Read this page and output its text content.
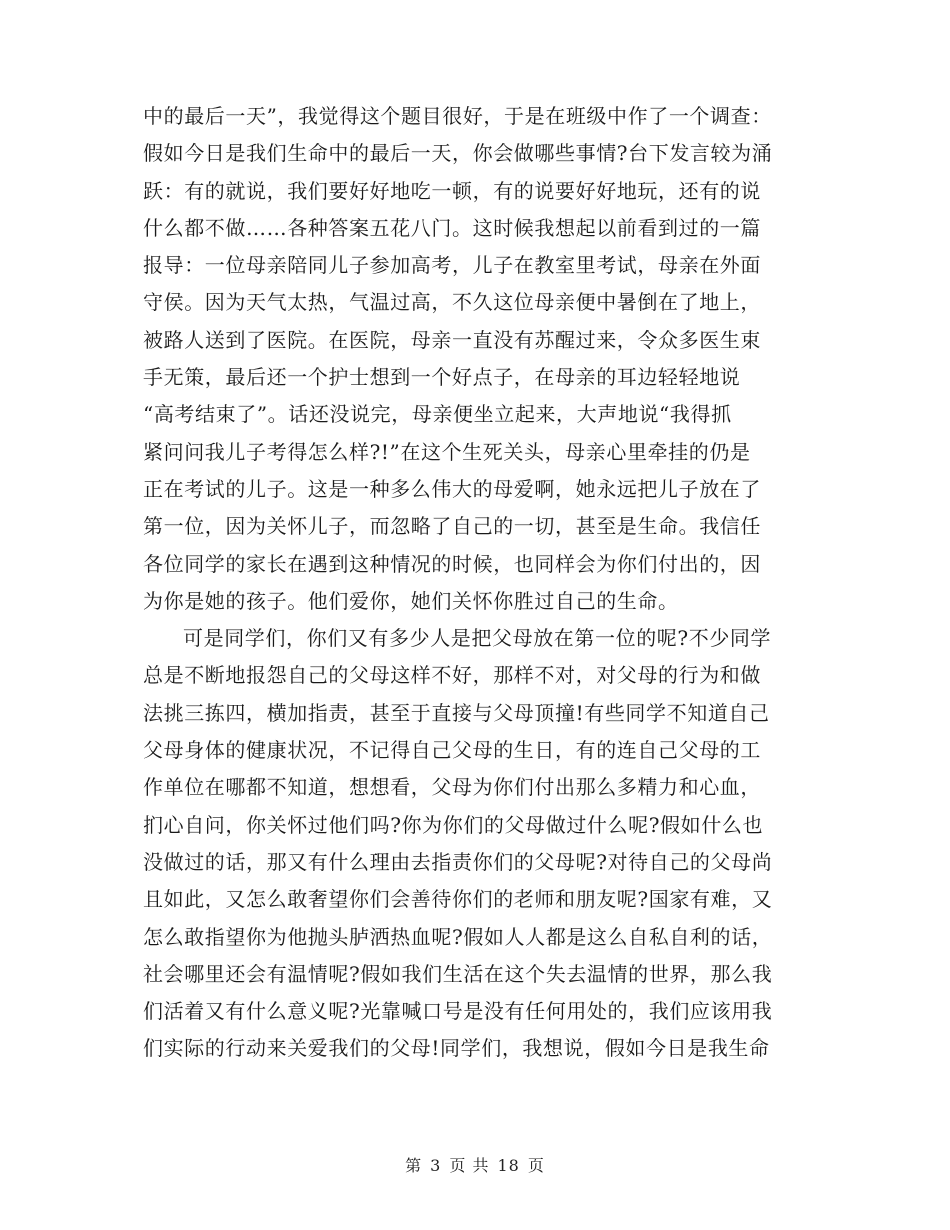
中的最后一天”，我觉得这个题目很好，于是在班级中作了一个调查：
假如今日是我们生命中的最后一天，你会做哪些事情?台下发言较为涌
跃：有的就说，我们要好好地吃一顿，有的说要好好地玩，还有的说
什么都不做……各种答案五花八门。这时候我想起以前看到过的一篇
报导：一位母亲陪同儿子参加高考，儿子在教室里考试，母亲在外面
守侯。因为天气太热，气温过高，不久这位母亲便中暑倒在了地上，
被路人送到了医院。在医院，母亲一直没有苏醒过来，令众多医生束
手无策，最后还一个护士想到一个好点子，在母亲的耳边轻轻地说
“高考结束了”。话还没说完，母亲便坐立起来，大声地说“我得抓
紧问问我儿子考得怎么样?!”在这个生死关头，母亲心里牵挂的仍是
正在考试的儿子。这是一种多么伟大的母爱啊，她永远把儿子放在了
第一位，因为关怀儿子，而忽略了自己的一切，甚至是生命。我信任
各位同学的家长在遇到这种情况的时候，也同样会为你们付出的，因
为你是她的孩子。他们爱你，她们关怀你胜过自己的生命。
可是同学们，你们又有多少人是把父母放在第一位的呢?不少同学
总是不断地报怨自己的父母这样不好，那样不对，对父母的行为和做
法挑三拣四，横加指责，甚至于直接与父母顶撞!有些同学不知道自己
父母身体的健康状况，不记得自己父母的生日，有的连自己父母的工
作单位在哪都不知道，想想看，父母为你们付出那么多精力和心血，
扪心自问，你关怀过他们吗?你为你们的父母做过什么呢?假如什么也
没做过的话，那又有什么理由去指责你们的父母呢?对待自己的父母尚
且如此，又怎么敢奢望你们会善待你们的老师和朋友呢?国家有难，又
怎么敢指望你为他抛头胪洒热血呢?假如人人都是这么自私自利的话，
社会哪里还会有温情呢?假如我们生活在这个失去温情的世界，那么我
们活着又有什么意义呢?光靠喊口号是没有任何用处的，我们应该用我
们实际的行动来关爱我们的父母!同学们，我想说，假如今日是我生命
第 3 页 共 18 页
